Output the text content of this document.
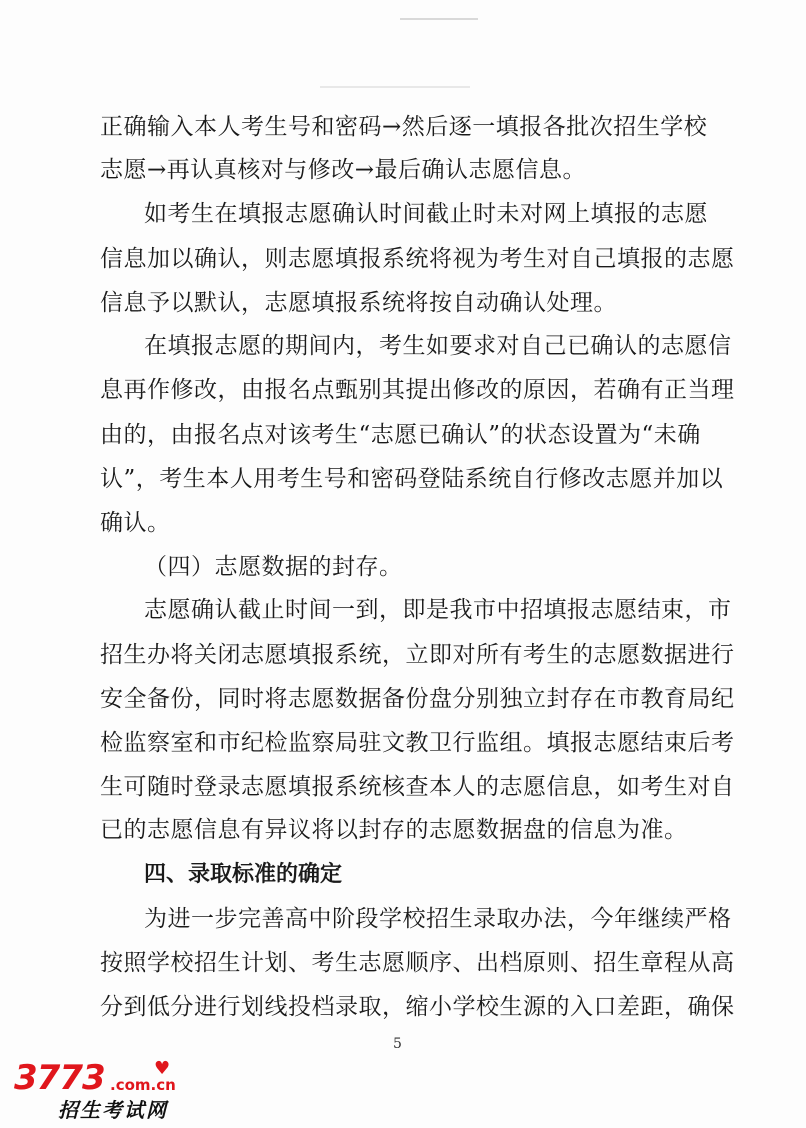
正确输入本人考生号和密码→然后逐一填报各批次招生学校
志愿→再认真核对与修改→最后确认志愿信息。
如考生在填报志愿确认时间截止时未对网上填报的志愿
信息加以确认，则志愿填报系统将视为考生对自己填报的志愿
信息予以默认，志愿填报系统将按自动确认处理。
在填报志愿的期间内，考生如要求对自己已确认的志愿信
息再作修改，由报名点甄别其提出修改的原因，若确有正当理
由的，由报名点对该考生“志愿已确认”的状态设置为“未确
认”，考生本人用考生号和密码登陆系统自行修改志愿并加以
确认。
（四）志愿数据的封存。
志愿确认截止时间一到，即是我市中招填报志愿结束，市
招生办将关闭志愿填报系统，立即对所有考生的志愿数据进行
安全备份，同时将志愿数据备份盘分别独立封存在市教育局纪
检监察室和市纪检监察局驻文教卫行监组。填报志愿结束后考
生可随时登录志愿填报系统核查本人的志愿信息，如考生对自
已的志愿信息有异议将以封存的志愿数据盘的信息为准。
四、录取标准的确定
为进一步完善高中阶段学校招生录取办法，今年继续严格
按照学校招生计划、考生志愿顺序、出档原则、招生章程从高
分到低分进行划线投档录取，缩小学校生源的入口差距，确保
5
3773 .com.cn
♥
招生考试网
